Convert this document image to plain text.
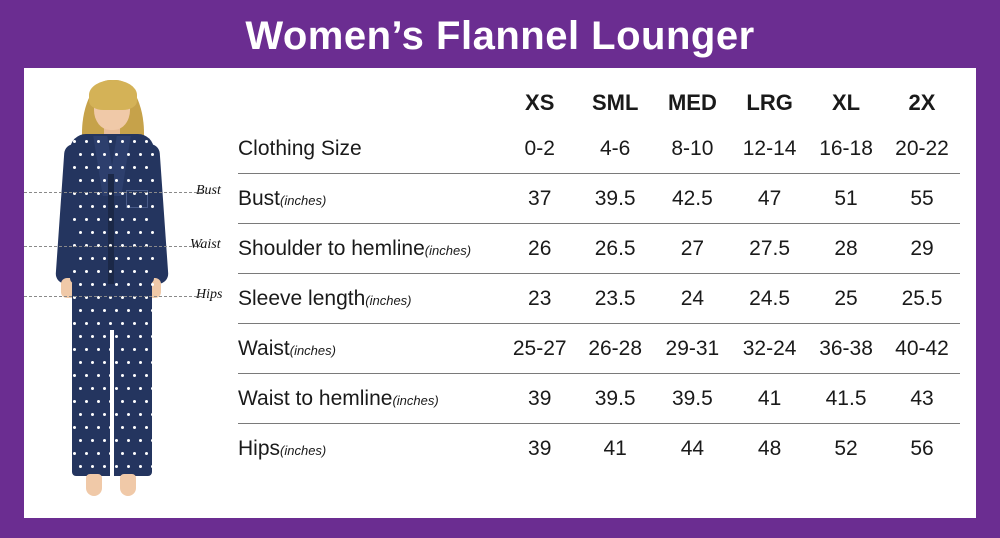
Women’s Flannel Lounger
Bust
Waist
Hips
	XS	SML	MED	LRG	XL	2X
Clothing Size	0-2	4-6	8-10	12-14	16-18	20-22
Bust(inches)	37	39.5	42.5	47	51	55
Shoulder to hemline(inches)	26	26.5	27	27.5	28	29
Sleeve length(inches)	23	23.5	24	24.5	25	25.5
Waist(inches)	25-27	26-28	29-31	32-24	36-38	40-42
Waist to hemline(inches)	39	39.5	39.5	41	41.5	43
Hips(inches)	39	41	44	48	52	56
